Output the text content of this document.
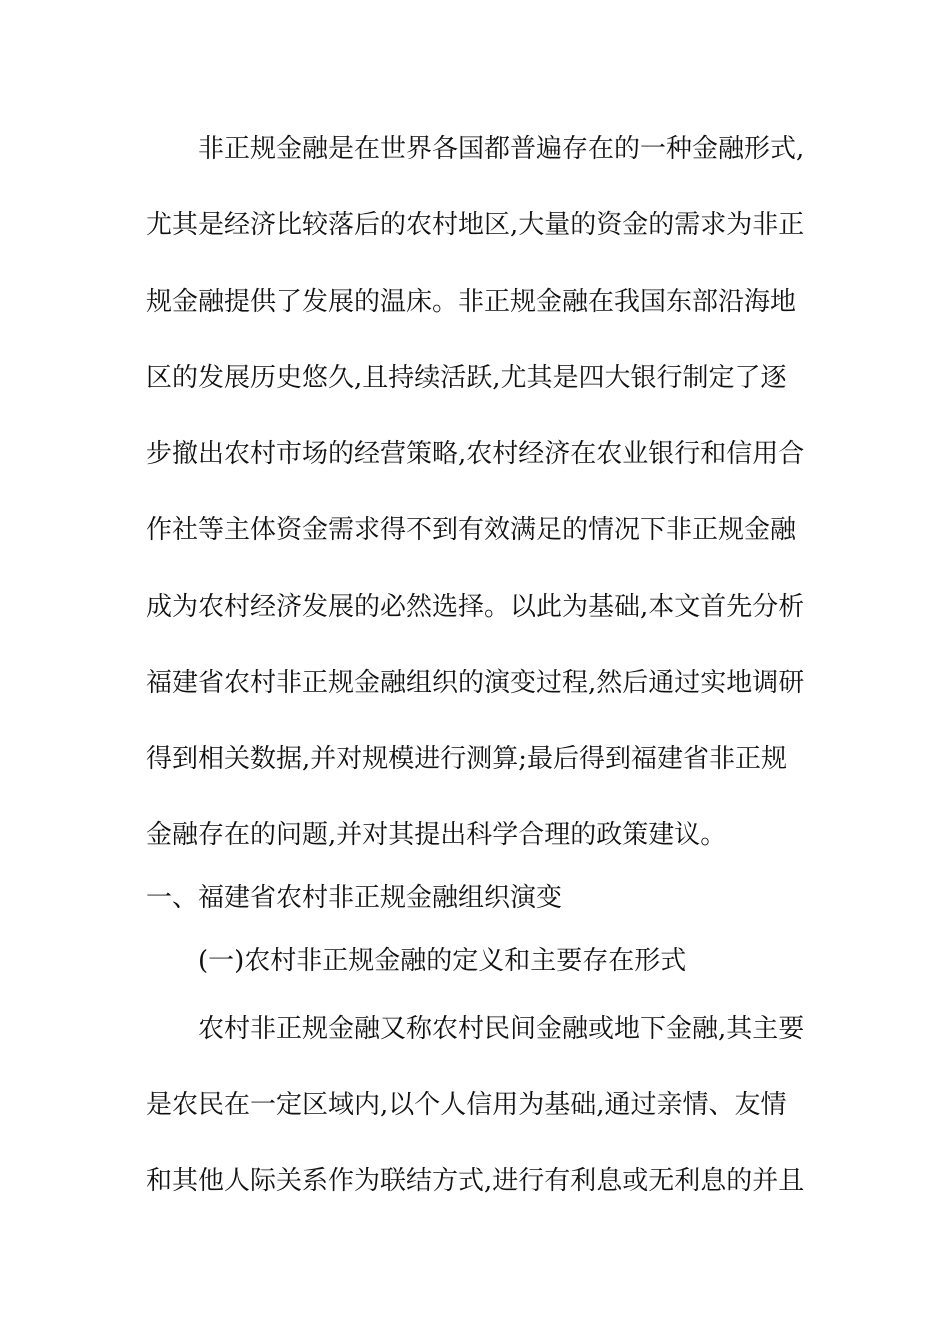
非正规金融是在世界各国都普遍存在的一种金融形式,
尤其是经济比较落后的农村地区,大量的资金的需求为非正
规金融提供了发展的温床。非正规金融在我国东部沿海地
区的发展历史悠久,且持续活跃,尤其是四大银行制定了逐
步撤出农村市场的经营策略,农村经济在农业银行和信用合
作社等主体资金需求得不到有效满足的情况下非正规金融
成为农村经济发展的必然选择。以此为基础,本文首先分析
福建省农村非正规金融组织的演变过程,然后通过实地调研
得到相关数据,并对规模进行测算;最后得到福建省非正规
金融存在的问题,并对其提出科学合理的政策建议。
一、福建省农村非正规金融组织演变
(一)农村非正规金融的定义和主要存在形式
农村非正规金融又称农村民间金融或地下金融,其主要
是农民在一定区域内,以个人信用为基础,通过亲情、友情
和其他人际关系作为联结方式,进行有利息或无利息的并且
